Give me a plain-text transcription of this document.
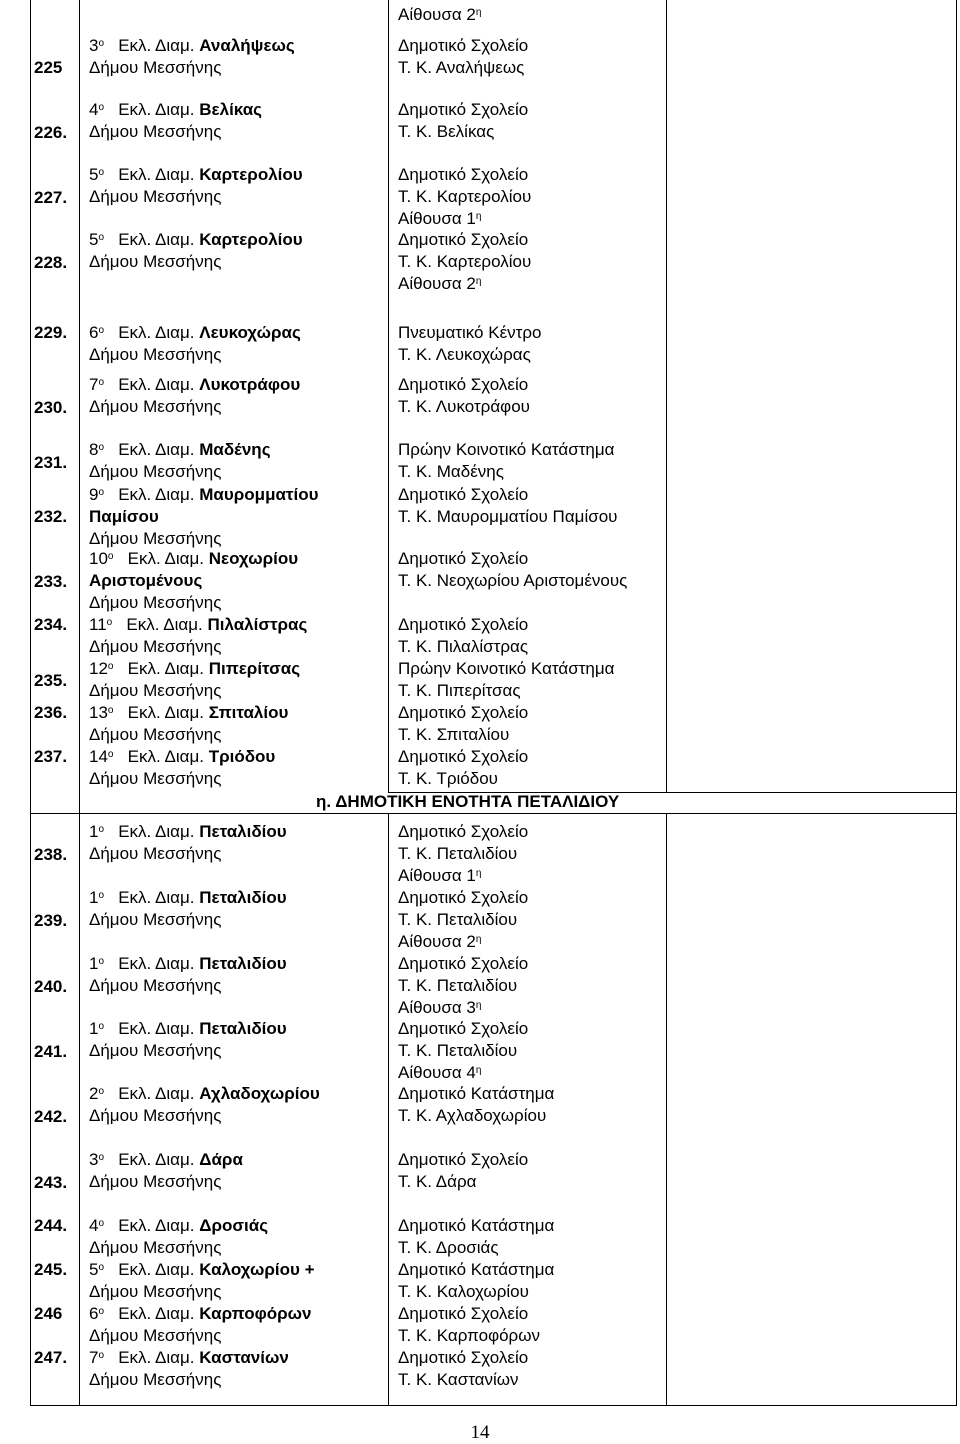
Αίθουσα $2^\eta$
225
$3^o$ Εκλ. Διαμ. Αναλήψεως
Δήμου Μεσσήνης
Δημοτικό Σχολείο
Τ. Κ. Αναλήψεως
226.
$4^o$ Εκλ. Διαμ. Βελίκας
Δήμου Μεσσήνης
Δημοτικό Σχολείο
Τ. Κ. Βελίκας
227.
$5^o$ Εκλ. Διαμ. Καρτερολίου
Δήμου Μεσσήνης
Δημοτικό Σχολείο
Τ. Κ. Καρτερολίου
Αίθουσα $1^\eta$
228.
$5^o$ Εκλ. Διαμ. Καρτερολίου
Δήμου Μεσσήνης
Δημοτικό Σχολείο
Τ. Κ. Καρτερολίου
Αίθουσα $2^\eta$
229. $6^o$ Εκλ. Διαμ. Λευκοχώρας
Δήμου Μεσσήνης
Πνευματικό Κέντρο
Τ. Κ. Λευκοχώρας
230.
$7^o$ Εκλ. Διαμ. Λυκοτράφου
Δήμου Μεσσήνης
Δημοτικό Σχολείο
Τ. Κ. Λυκοτράφου
231.
$8^o$ Εκλ. Διαμ. Μαδένης
Δήμου Μεσσήνης
Πρώην Κοινοτικό Κατάστημα
Τ. Κ. Μαδένης
232.
$9^o$ Εκλ. Διαμ. Μαυρομματίου
Παμίσου
Δήμου Μεσσήνης
Δημοτικό Σχολείο
Τ. Κ. Μαυρομματίου Παμίσου
233.
$10^o$ Εκλ. Διαμ. Νεοχωρίου
Αριστομένους
Δήμου Μεσσήνης
Δημοτικό Σχολείο
Τ. Κ. Νεοχωρίου Αριστομένους
234. $11^o$ Εκλ. Διαμ. Πιλαλίστρας
Δήμου Μεσσήνης
Δημοτικό Σχολείο
Τ. Κ. Πιλαλίστρας
235.
$12^o$ Εκλ. Διαμ. Πιπερίτσας
Δήμου Μεσσήνης
Πρώην Κοινοτικό Κατάστημα
Τ. Κ. Πιπερίτσας
236. $13^o$ Εκλ. Διαμ. Σπιταλίου
Δήμου Μεσσήνης
Δημοτικό Σχολείο
Τ. Κ. Σπιταλίου
237. $14^o$ Εκλ. Διαμ. Τριόδου
Δήμου Μεσσήνης
Δημοτικό Σχολείο
Τ. Κ. Τριόδου
238.
$1^o$ Εκλ. Διαμ. Πεταλιδίου
Δήμου Μεσσήνης
Δημοτικό Σχολείο
Τ. Κ. Πεταλιδίου
Αίθουσα $1^\eta$
239.
$1^o$ Εκλ. Διαμ. Πεταλιδίου
Δήμου Μεσσήνης
Δημοτικό Σχολείο
Τ. Κ. Πεταλιδίου
Αίθουσα $2^\eta$
240.
$1^o$ Εκλ. Διαμ. Πεταλιδίου
Δήμου Μεσσήνης
Δημοτικό Σχολείο
Τ. Κ. Πεταλιδίου
Αίθουσα $3^\eta$
241.
$1^o$ Εκλ. Διαμ. Πεταλιδίου
Δήμου Μεσσήνης
Δημοτικό Σχολείο
Τ. Κ. Πεταλιδίου
Αίθουσα $4^\eta$
242.
$2^o$ Εκλ. Διαμ. Αχλαδοχωρίου
Δήμου Μεσσήνης
Δημοτικό Κατάστημα
Τ. Κ. Αχλαδοχωρίου
243.
$3^o$ Εκλ. Διαμ. Δάρα
Δήμου Μεσσήνης
Δημοτικό Σχολείο
Τ. Κ. Δάρα
244. $4^o$ Εκλ. Διαμ. Δροσιάς
Δήμου Μεσσήνης
Δημοτικό Κατάστημα
Τ. Κ. Δροσιάς
245. $5^o$ Εκλ. Διαμ. Καλοχωρίου +
Δήμου Μεσσήνης
Δημοτικό Κατάστημα
Τ. Κ. Καλοχωρίου
246 $6^o$ Εκλ. Διαμ. Καρποφόρων
Δήμου Μεσσήνης
Δημοτικό Σχολείο
Τ. Κ. Καρποφόρων
247. $7^o$ Εκλ. Διαμ. Καστανίων
Δήμου Μεσσήνης
Δημοτικό Σχολείο
Τ. Κ. Καστανίων
η. ΔΗΜΟΤΙΚΗ ΕΝΟΤΗΤΑ ΠΕΤΑΛΙΔΙΟΥ
14
